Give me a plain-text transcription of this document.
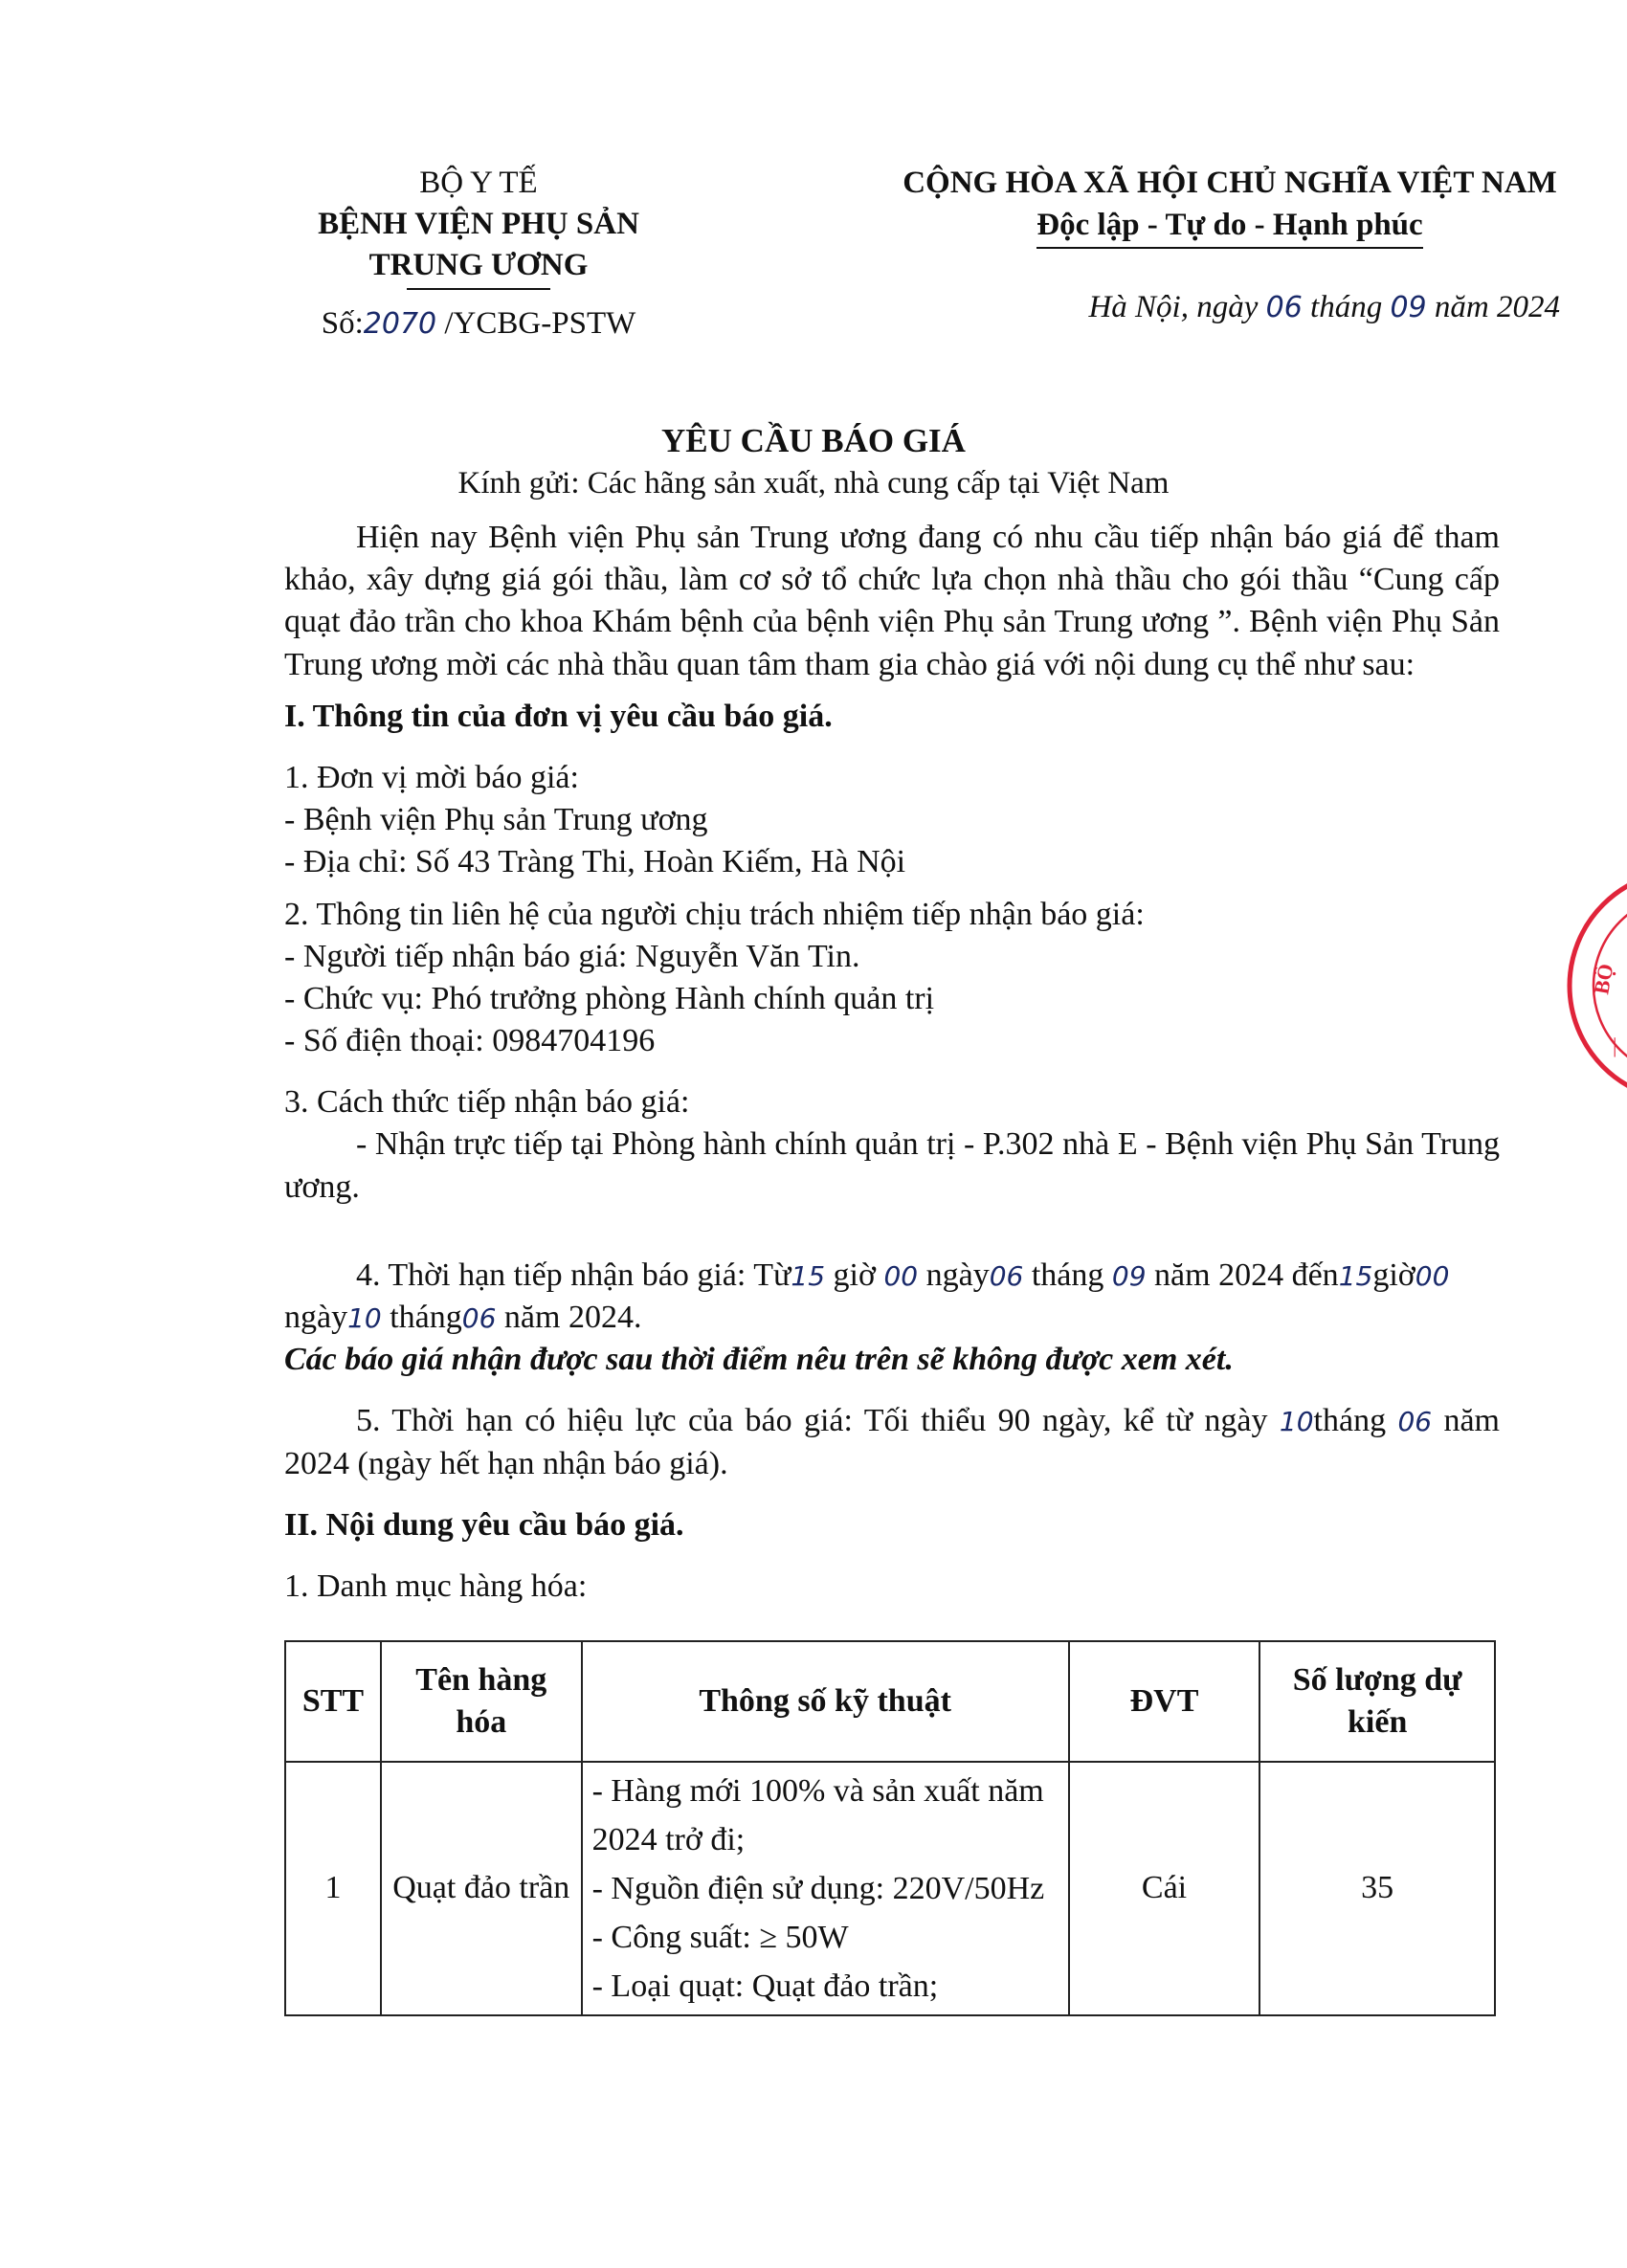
BỘ Y TẾ
BỆNH VIỆN PHỤ SẢN
TRUNG ƯƠNG
Số:2070 /YCBG-PSTW
CỘNG HÒA XÃ HỘI CHỦ NGHĨA VIỆT NAM
Độc lập - Tự do - Hạnh phúc
Hà Nội, ngày 06 tháng 09 năm 2024
YÊU CẦU BÁO GIÁ
Kính gửi: Các hãng sản xuất, nhà cung cấp tại Việt Nam

Hiện nay Bệnh viện Phụ sản Trung ương đang có nhu cầu tiếp nhận báo giá để tham khảo, xây dựng giá gói thầu, làm cơ sở tổ chức lựa chọn nhà thầu cho gói thầu “Cung cấp quạt đảo trần cho khoa Khám bệnh của bệnh viện Phụ sản Trung ương ”. Bệnh viện Phụ Sản Trung ương mời các nhà thầu quan tâm tham gia chào giá với nội dung cụ thể như sau:

I. Thông tin của đơn vị yêu cầu báo giá.

1. Đơn vị mời báo giá:

- Bệnh viện Phụ sản Trung ương

- Địa chỉ: Số 43 Tràng Thi, Hoàn Kiếm, Hà Nội

2. Thông tin liên hệ của người chịu trách nhiệm tiếp nhận báo giá:

- Người tiếp nhận báo giá: Nguyễn Văn Tin.

- Chức vụ: Phó trưởng phòng Hành chính quản trị

- Số điện thoại: 0984704196

3. Cách thức tiếp nhận báo giá:

- Nhận trực tiếp tại Phòng hành chính quản trị - P.302 nhà E - Bệnh viện Phụ Sản Trung ương.

4. Thời hạn tiếp nhận báo giá: Từ15 giờ 00 ngày06 tháng 09 năm 2024 đến15giờ00 ngày10 tháng06 năm 2024.

Các báo giá nhận được sau thời điểm nêu trên sẽ không được xem xét.

5. Thời hạn có hiệu lực của báo giá: Tối thiểu 90 ngày, kể từ ngày 10tháng 06 năm 2024 (ngày hết hạn nhận báo giá).

II. Nội dung yêu cầu báo giá.

1. Danh mục hàng hóa:

STT	Tên hàng hóa	Thông số kỹ thuật	ĐVT	Số lượng dự kiến
1	Quạt đảo trần	- Hàng mới 100% và sản xuất năm 2024 trở đi;
- Nguồn điện sử dụng: 220V/50Hz
- Công suất: ≥ 50W
- Loại quạt: Quạt đảo trần;	Cái	35
BỘ
|
